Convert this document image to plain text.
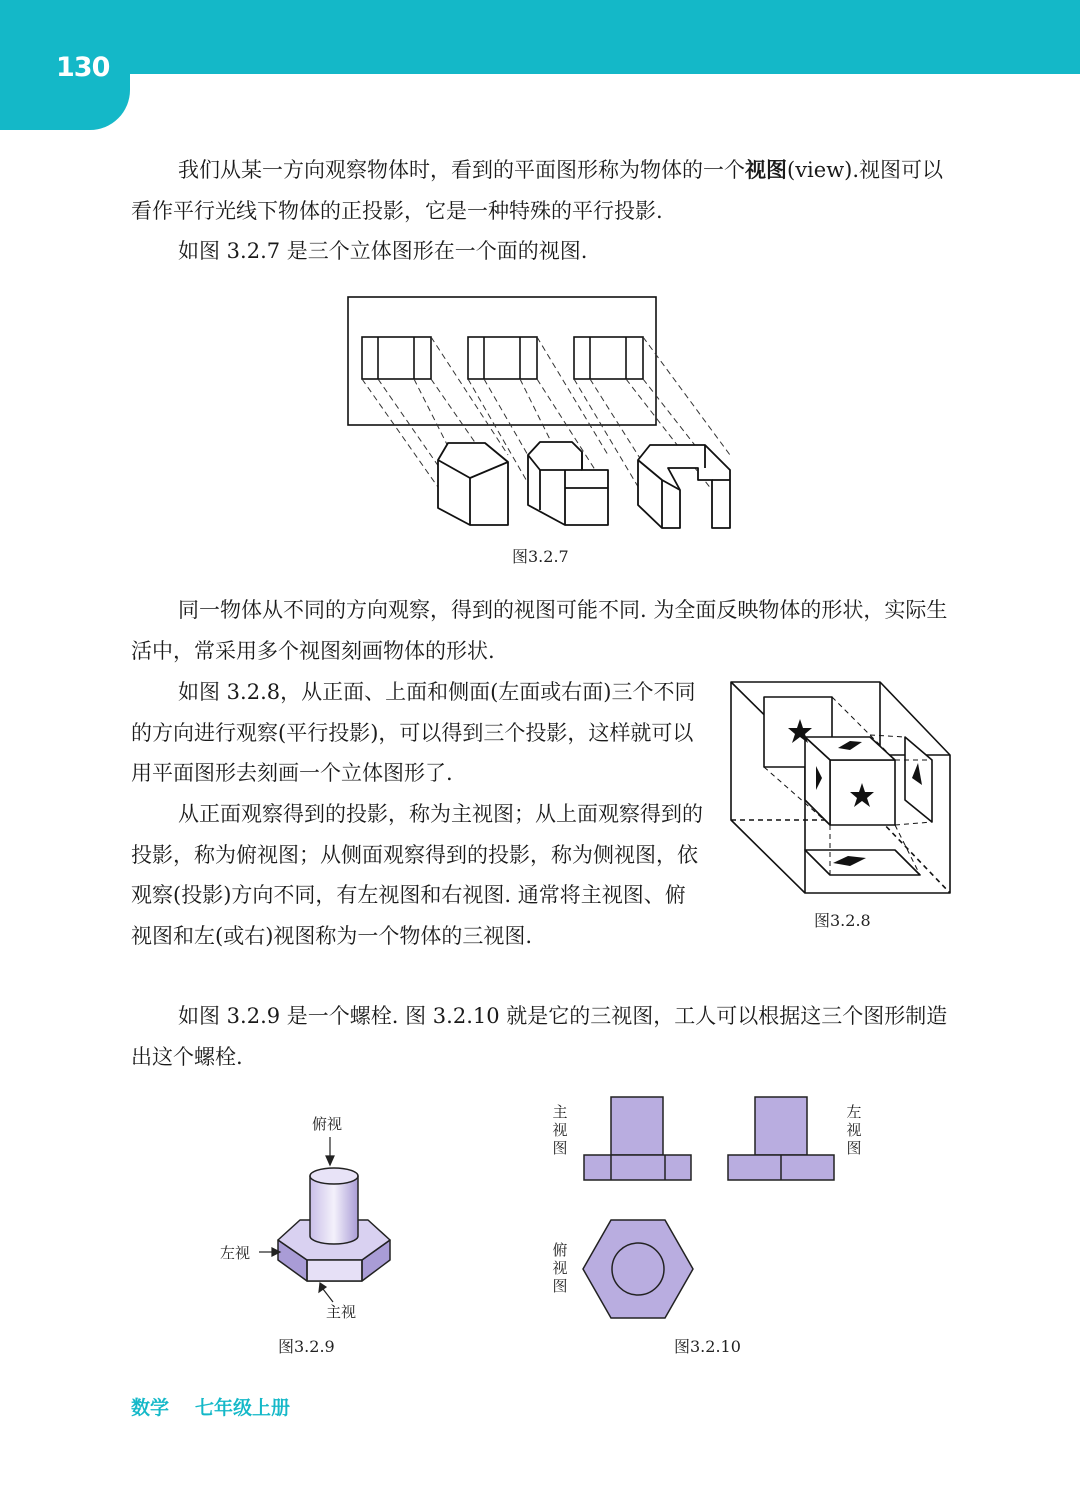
130

我们从某一方向观察物体时，看到的平面图形称为物体的一个视图(view).视图可以看作平行光线下物体的正投影，它是一种特殊的平行投影.

如图 3.2.7 是三个立体图形在一个面的视图.

图3.2.7

同一物体从不同的方向观察，得到的视图可能不同. 为全面反映物体的形状，实际生活中，常采用多个视图刻画物体的形状.

如图 3.2.8，从正面、上面和侧面(左面或右面)三个不同的方向进行观察(平行投影)，可以得到三个投影，这样就可以用平面图形去刻画一个立体图形了.

从正面观察得到的投影，称为主视图；从上面观察得到的投影，称为俯视图；从侧面观察得到的投影，称为侧视图，依观察(投影)方向不同，有左视图和右视图. 通常将主视图、俯视图和左(或右)视图称为一个物体的三视图.

图3.2.8

如图 3.2.9 是一个螺栓. 图 3.2.10 就是它的三视图，工人可以根据这三个图形制造出这个螺栓.

俯视
左视
主视
图3.2.9
主视图
左视图
俯视图
图3.2.10
数学 七年级上册
